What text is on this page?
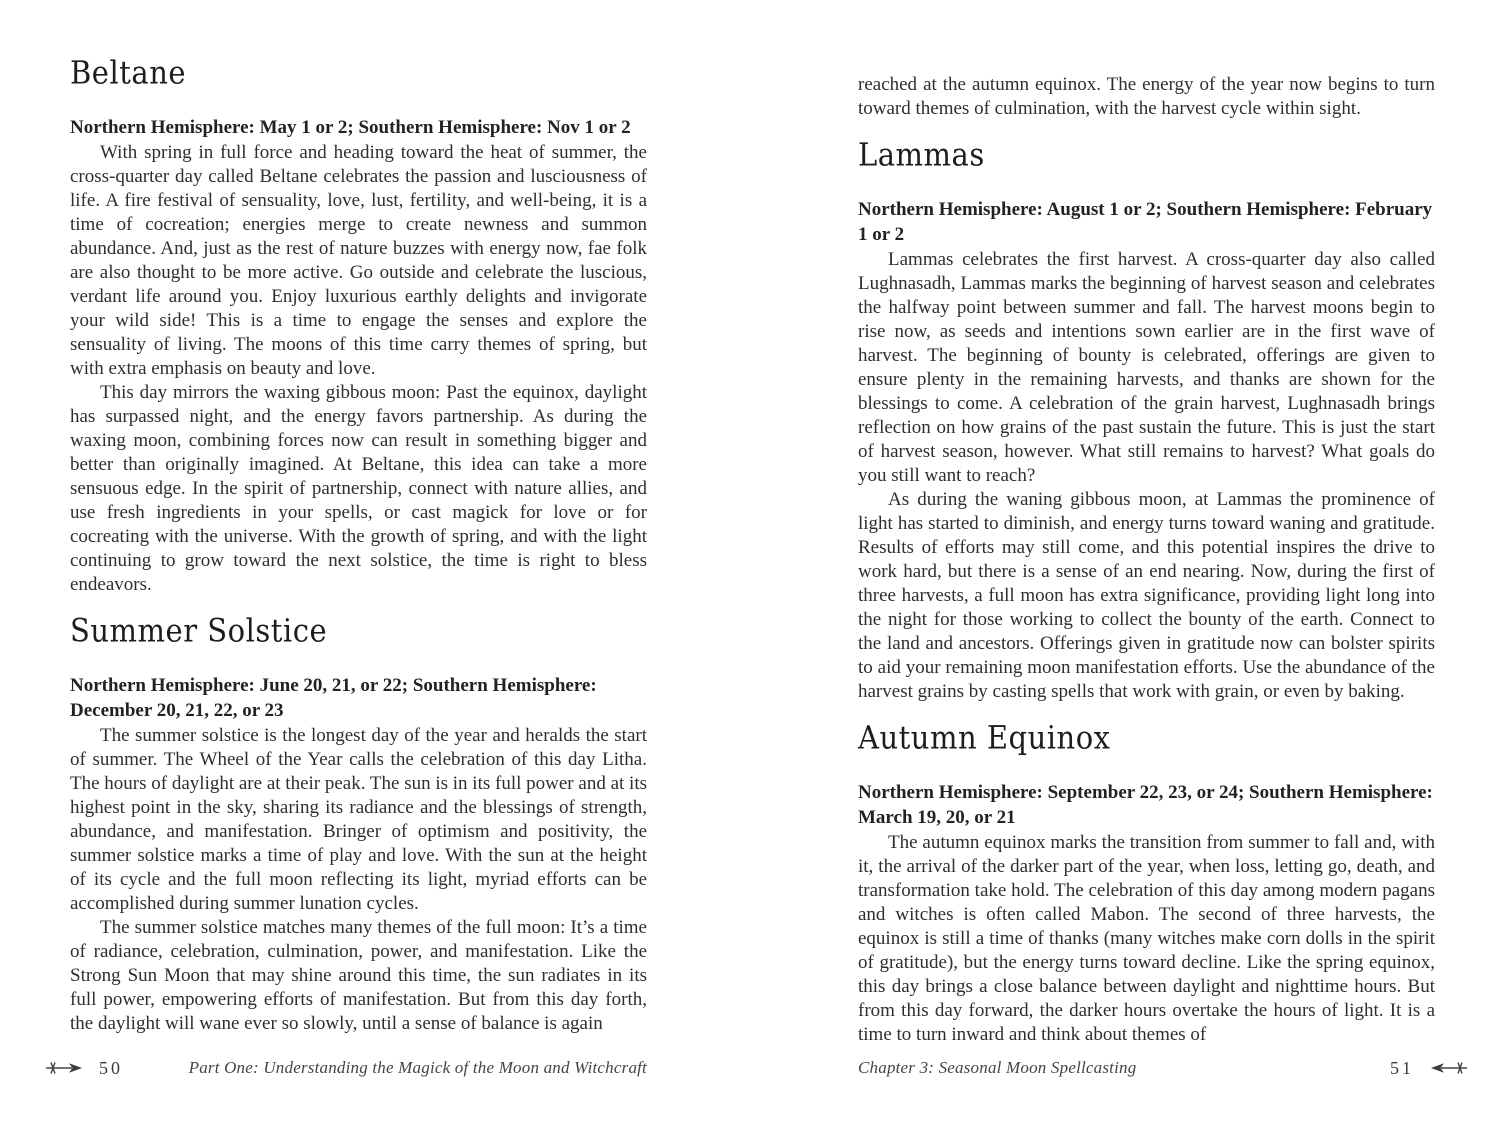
Beltane

Northern Hemisphere: May 1 or 2; Southern Hemisphere: Nov 1 or 2

With spring in full force and heading toward the heat of summer, the cross-quarter day called Beltane celebrates the passion and lusciousness of life. A fire festival of sensuality, love, lust, fertility, and well-being, it is a time of cocreation; energies merge to create newness and summon abundance. And, just as the rest of nature buzzes with energy now, fae folk are also thought to be more active. Go outside and celebrate the luscious, verdant life around you. Enjoy luxurious earthly delights and invigorate your wild side! This is a time to engage the senses and explore the sensuality of living. The moons of this time carry themes of spring, but with extra emphasis on beauty and love.

This day mirrors the waxing gibbous moon: Past the equinox, daylight has surpassed night, and the energy favors partnership. As during the waxing moon, combining forces now can result in something bigger and better than originally imagined. At Beltane, this idea can take a more sensuous edge. In the spirit of partnership, connect with nature allies, and use fresh ingredients in your spells, or cast magick for love or for cocreating with the universe. With the growth of spring, and with the light continuing to grow toward the next solstice, the time is right to bless endeavors.

Summer Solstice

Northern Hemisphere: June 20, 21, or 22; Southern Hemisphere: December 20, 21, 22, or 23

The summer solstice is the longest day of the year and heralds the start of summer. The Wheel of the Year calls the celebration of this day Litha. The hours of daylight are at their peak. The sun is in its full power and at its highest point in the sky, sharing its radiance and the blessings of strength, abundance, and manifestation. Bringer of optimism and positivity, the summer solstice marks a time of play and love. With the sun at the height of its cycle and the full moon reflecting its light, myriad efforts can be accomplished during summer lunation cycles.

The summer solstice matches many themes of the full moon: It’s a time of radiance, celebration, culmination, power, and manifestation. Like the Strong Sun Moon that may shine around this time, the sun radiates in its full power, empowering efforts of manifestation. But from this day forth, the daylight will wane ever so slowly, until a sense of balance is again

reached at the autumn equinox. The energy of the year now begins to turn toward themes of culmination, with the harvest cycle within sight.

Lammas

Northern Hemisphere: August 1 or 2; Southern Hemisphere: February 1 or 2

Lammas celebrates the first harvest. A cross-quarter day also called Lughnasadh, Lammas marks the beginning of harvest season and celebrates the halfway point between summer and fall. The harvest moons begin to rise now, as seeds and intentions sown earlier are in the first wave of harvest. The beginning of bounty is celebrated, offerings are given to ensure plenty in the remaining harvests, and thanks are shown for the blessings to come. A celebration of the grain harvest, Lughnasadh brings reflection on how grains of the past sustain the future. This is just the start of harvest season, however. What still remains to harvest? What goals do you still want to reach?

As during the waning gibbous moon, at Lammas the prominence of light has started to diminish, and energy turns toward waning and gratitude. Results of efforts may still come, and this potential inspires the drive to work hard, but there is a sense of an end nearing. Now, during the first of three harvests, a full moon has extra significance, providing light long into the night for those working to collect the bounty of the earth. Connect to the land and ancestors. Offerings given in gratitude now can bolster spirits to aid your remaining moon manifestation efforts. Use the abundance of the harvest grains by casting spells that work with grain, or even by baking.

Autumn Equinox

Northern Hemisphere: September 22, 23, or 24; Southern Hemisphere: March 19, 20, or 21

The autumn equinox marks the transition from summer to fall and, with it, the arrival of the darker part of the year, when loss, letting go, death, and transformation take hold. The celebration of this day among modern pagans and witches is often called Mabon. The second of three harvests, the equinox is still a time of thanks (many witches make corn dolls in the spirit of gratitude), but the energy turns toward decline. Like the spring equinox, this day brings a close balance between daylight and nighttime hours. But from this day forward, the darker hours overtake the hours of light. It is a time to turn inward and think about themes of

50	Part One: Understanding the Magick of the Moon and Witchcraft	Chapter 3: Seasonal Moon Spellcasting	51
